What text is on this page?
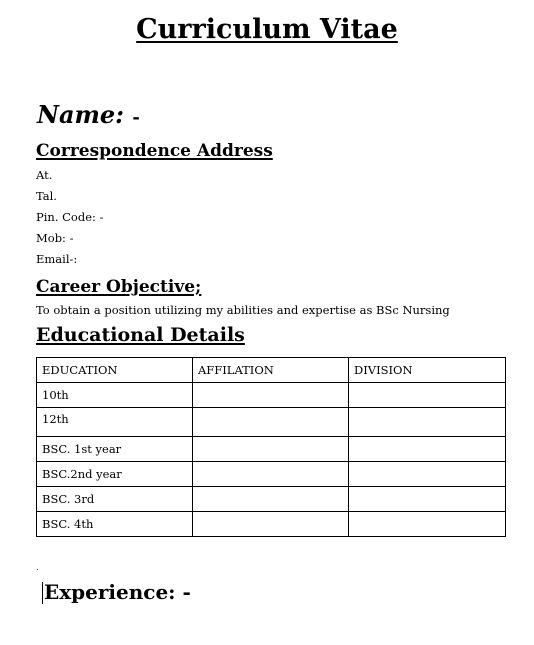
Curriculum Vitae
Name: -
Correspondence Address
At.
Tal.
Pin. Code: -
Mob: -
Email-:
Career Objective;
To obtain a position utilizing my abilities and expertise as BSc Nursing
Educational Details
EDUCATION	AFFILATION	DIVISION
10th		
12th		
BSC. 1st year		
BSC.2nd year		
BSC. 3rd		
BSC. 4th		
.
Experience: -
